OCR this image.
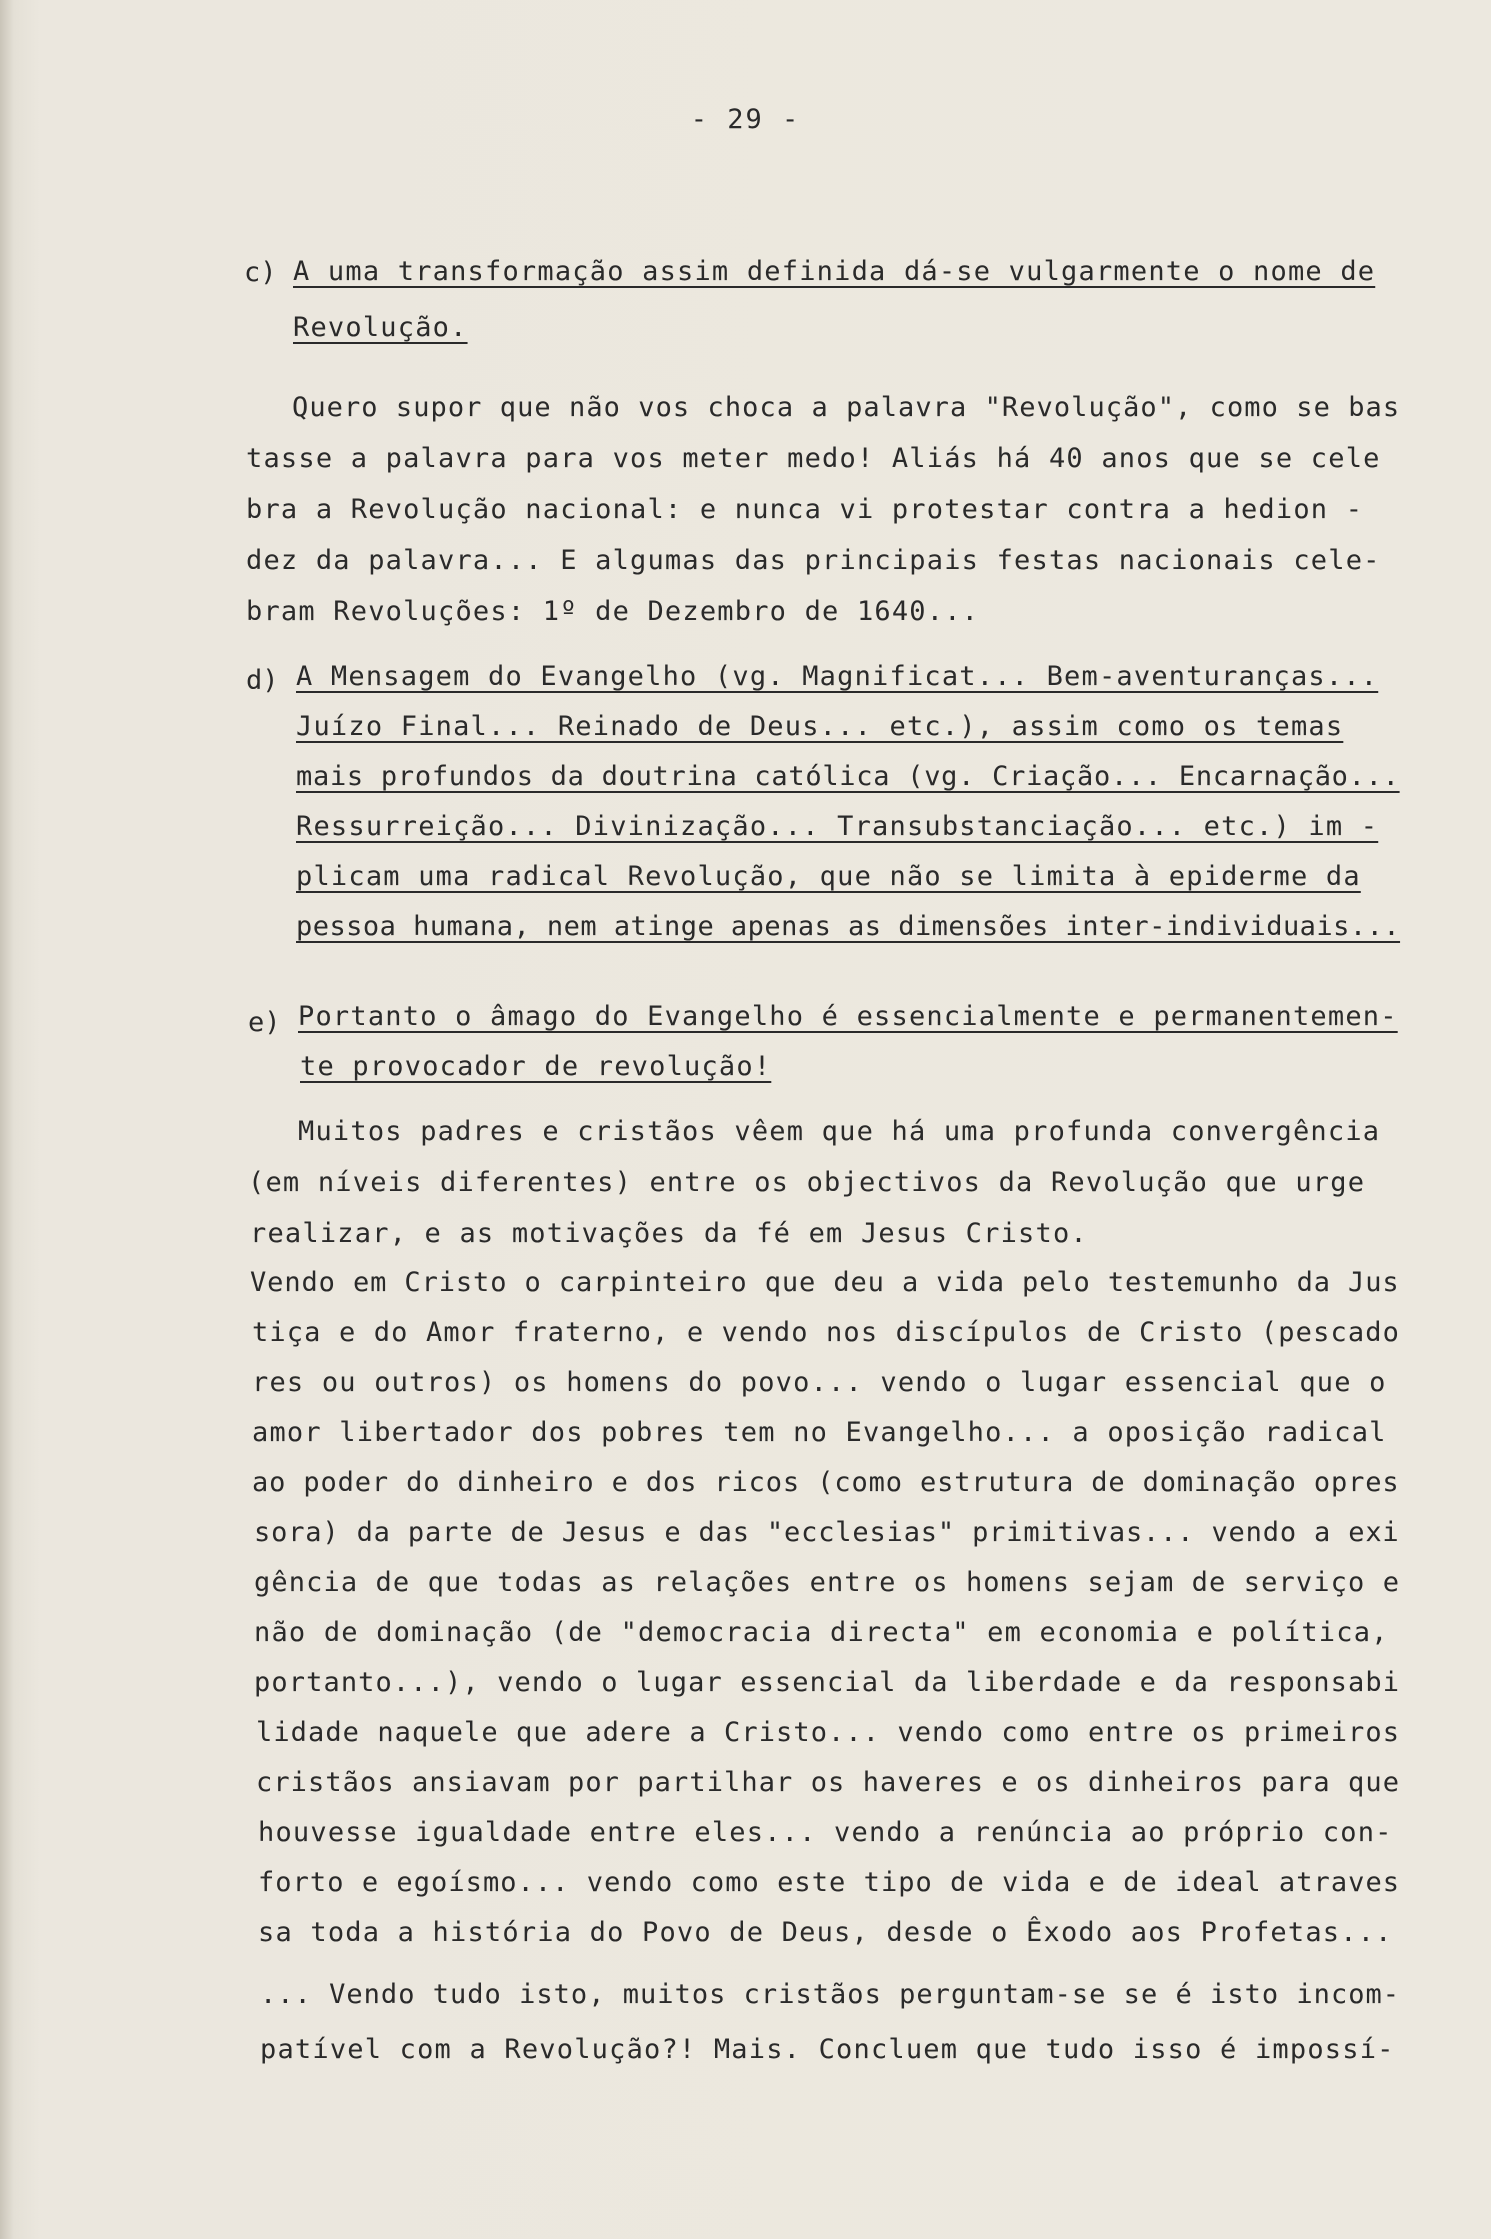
- 29 -
c) A uma transformação assim definida dá-se vulgarmente o nome de
Revolução.
Quero supor que não vos choca a palavra "Revolução", como se bas
tasse a palavra para vos meter medo! Aliás há 40 anos que se cele
bra a Revolução nacional: e nunca vi protestar contra a hedion -
dez da palavra... E algumas das principais festas nacionais cele-
bram Revoluções: 1º de Dezembro de 1640...
d) A Mensagem do Evangelho (vg. Magnificat... Bem-aventuranças...
Juízo Final... Reinado de Deus... etc.), assim como os temas
mais profundos da doutrina católica (vg. Criação... Encarnação...
Ressurreição... Divinização... Transubstanciação... etc.) im -
plicam uma radical Revolução, que não se limita à epiderme da
pessoa humana, nem atinge apenas as dimensões inter-individuais...
e) Portanto o âmago do Evangelho é essencialmente e permanentemen-
te provocador de revolução!
Muitos padres e cristãos vêem que há uma profunda convergência
(em níveis diferentes) entre os objectivos da Revolução que urge
realizar, e as motivações da fé em Jesus Cristo.
Vendo em Cristo o carpinteiro que deu a vida pelo testemunho da Jus
tiça e do Amor fraterno, e vendo nos discípulos de Cristo (pescado
res ou outros) os homens do povo... vendo o lugar essencial que o
amor libertador dos pobres tem no Evangelho... a oposição radical
ao poder do dinheiro e dos ricos (como estrutura de dominação opres
sora) da parte de Jesus e das "ecclesias" primitivas... vendo a exi
gência de que todas as relações entre os homens sejam de serviço e
não de dominação (de "democracia directa" em economia e política,
portanto...), vendo o lugar essencial da liberdade e da responsabi
lidade naquele que adere a Cristo... vendo como entre os primeiros
cristãos ansiavam por partilhar os haveres e os dinheiros para que
houvesse igualdade entre eles... vendo a renúncia ao próprio con-
forto e egoísmo... vendo como este tipo de vida e de ideal atraves
sa toda a história do Povo de Deus, desde o Êxodo aos Profetas...
... Vendo tudo isto, muitos cristãos perguntam-se se é isto incom-
patível com a Revolução?! Mais. Concluem que tudo isso é impossí-
